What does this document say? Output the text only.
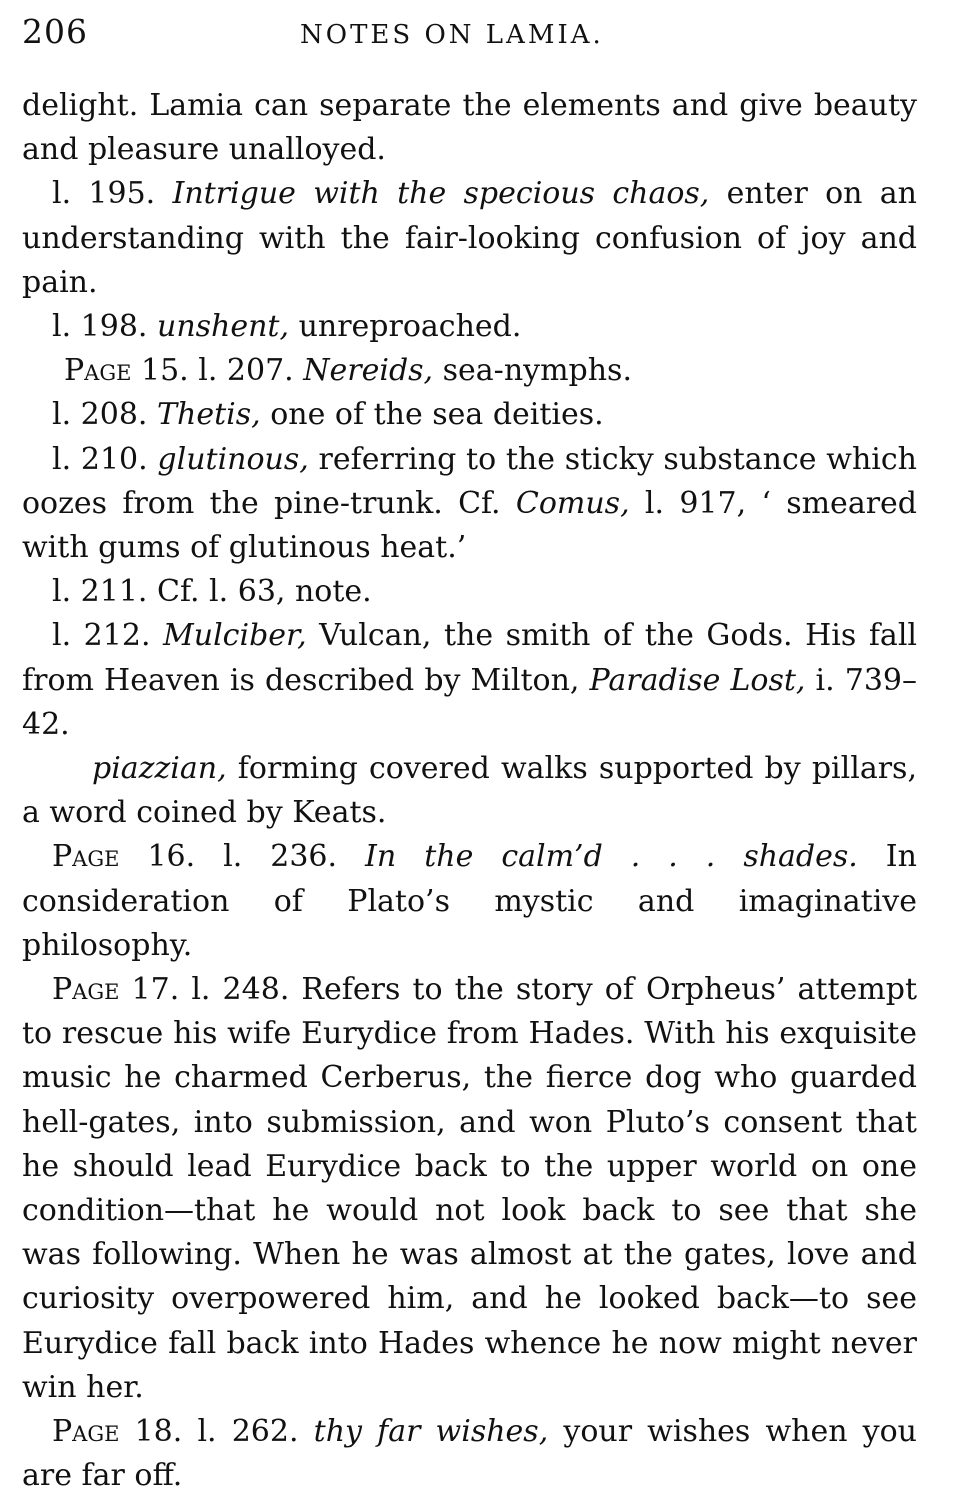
206	NOTES ON LAMIA.

delight. Lamia can separate the elements and give beauty and pleasure unalloyed.

l. 195. Intrigue with the specious chaos, enter on an understanding with the fair-looking confusion of joy and pain.

l. 198. unshent, unreproached.

Page 15. l. 207. Nereids, sea-nymphs.

l. 208. Thetis, one of the sea deities.

l. 210. glutinous, referring to the sticky substance which oozes from the pine-trunk. Cf. Comus, l. 917, ‘ smeared with gums of glutinous heat.’

l. 211. Cf. l. 63, note.

l. 212. Mulciber, Vulcan, the smith of the Gods. His fall from Heaven is described by Milton, Paradise Lost, i. 739–42.

piazzian, forming covered walks supported by pillars, a word coined by Keats.

Page 16. l. 236. In the calm’d . . . shades. In consideration of Plato’s mystic and imaginative philosophy.

Page 17. l. 248. Refers to the story of Orpheus’ attempt to rescue his wife Eurydice from Hades. With his exquisite music he charmed Cerberus, the fierce dog who guarded hell-gates, into submission, and won Pluto’s consent that he should lead Eurydice back to the upper world on one condition—that he would not look back to see that she was following. When he was almost at the gates, love and curiosity overpowered him, and he looked back—to see Eurydice fall back into Hades whence he now might never win her.

Page 18. l. 262. thy far wishes, your wishes when you are far off.
